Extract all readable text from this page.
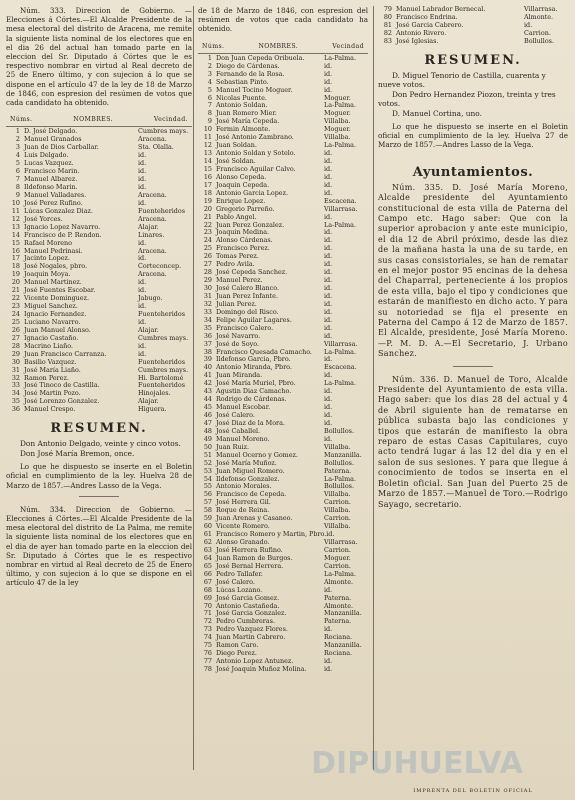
Núm. 333. Direccion de Gobierno. —Elecciones á Córtes.—El Alcalde Presidente de la mesa electoral del distrito de Aracena, me remite la siguiente lista nominal de los electores que en el dia 26 del actual han tomado parte en la eleccion del Sr. Diputado á Córtes que le es respectivo nombrar en virtud al Real decreto de 25 de Enero último, y con sujecion á lo que se dispone en el artículo 47 de la ley de 18 de Marzo de 1846, con espresion del resúmen de votos que cada candidato ha obtenido.

Núms.	NOMBRES.	Vecindad.
1 D. José Delgado.	Cumbres mays.
2 Manuel Granados	Aracena.
3 Juan de Dios Carballar.	Sta. Olalla.
4 Luis Delgado.	id.
5 Lucas Vazquez.	id.
6 Francisco Marin.	id.
7 Manuel Albarez.	id.
8 Ildefonso Marin.	id.
9 Manuel Valladares.	Aracena.
10 José Perez Rufino.	id.
11 Lúcas Gonzalez Diaz.	Fuenteheridos
12 José Yorces.	Aracena.
13 Ignacio Lopez Navarro.	Alajar.
14 Francisco de P. Rendon.	Linares.
15 Rafael Moreno	id.
16 Manuel Pedrinasi.	Aracena.
17 Jacinto Lopez.	id.
18 José Nogales, pbro.	Corteconcep.
19 Joaquin Moya.	Aracena.
20 Manuel Martinez.	id.
21 José Fuentes Escobar.	id.
22 Vicente Dominguez.	Jabugo.
23 Miguel Sanchez.	id.
24 Ignacio Fernandez.	Fuenteheridos
25 Luciano Navarro.	id.
26 Juan Manuel Alonso.	Alajar.
27 Ignacio Castaño.	Cumbres mays.
28 Macrino Liaño.	id.
29 Juan Francisco Carranza.	id.
30 Basilio Vazquez.	Fuenteheridos
31 José María Liaño.	Cumbres mays.
32 Ramon Perez.	Hi. Bartolomé
33 José Tinoco de Castilla.	Fuenteheridos
34 José Martin Pozo.	Hinojales.
35 José Lorenzo Gonzalez.	Alajar.
36 Manuel Crespo.	Higuera.
RESUMEN.
Don Antonio Delgado, veinte y cinco votos.
Don José María Bremon, once.

Lo que he dispuesto se inserte en el Boletin oficial en cumplimiento de la ley. Huelva 28 de Marzo de 1857.—Andres Lasso de la Vega.

Núm. 334. Direccion de Gobierno. —Elecciones á Córtes.—El Alcalde Presidente de la mesa electoral del distrito de La Palma, me remite la siguiente lista nominal de los electores que en el dia de ayer han tomado parte en la eleccion del Sr. Diputado á Córtes que le es respectivo nombrar en virtud al Real decreto de 25 de Enero último, y con sujecion á lo que se dispone en el artículo 47 de la ley

de 18 de Marzo de 1846, con espresion del resúmen de votos que cada candidato ha obtenido.

Núms.	NOMBRES.	Vecindad
1 Don Juan Cepeda Oribuela.	La-Palma.
2 Diego de Cárdenas.	id.
3 Fernando de la Rosa.	id.
4 Sebastian Pinto.	id.
5 Manuel Tocino Moguer.	id.
6 Nicolas Puente.	Moguer.
7 Antonio Soldan.	La-Palma.
8 Juan Romero Mier.	Moguer.
9 José María Cepeda.	Villalba.
10 Fermin Almonte.	Moguer.
11 José Antonio Zambrano.	Villalba.
12 Juan Soldan.	La-Palma.
13 Antonio Soldan y Sotelo.	id.
14 José Soldan.	id.
15 Francisco Aguilar Calvo.	id.
16 Alonso Cepeda.	id.
17 Joaquin Cepeda.	id.
18 Antonio Garcia Lopez.	id.
19 Enrique Lopez.	Escacena.
20 Gregorio Parreño.	Villarrasa.
21 Pablo Angel.	id.
22 Juan Perez Gonzalez.	La-Palma.
23 Joaquin Medina.	id.
24 Alonso Cárdenas.	id.
25 Francisco Perez.	id.
26 Tomas Perez.	id.
27 Pedro Avila.	id.
28 José Cepeda Sanchez.	id.
29 Manuel Perez.	id.
30 José Calero Blanco.	id.
31 Juan Perez Infante.	id.
32 Julian Perez.	id.
33 Domingo del Risco.	id.
34 Felipe Aguilar Lagares.	id.
35 Francisco Calero.	id.
36 José Navarro.	id.
37 José de Soyo.	Villarrasa.
38 Francisco Quesada Camacho.	La-Palma.
39 Ildefonso Garcia, Pbro.	id.
40 Antonio Miranda, Pbro.	Escacena.
41 Juan Miranda.	id.
42 José María Muriel, Pbro.	La-Palma.
43 Agustin Diaz Camacho.	id.
44 Rodrigo de Cárdenas.	id.
45 Manuel Escobar.	id.
46 José Calero.	id.
47 José Diaz de la Mora.	id.
48 José Caballel.	Bollullos.
49 Manuel Moreno.	id.
50 Juan Ruiz.	Villalba.
51 Manuel Ocerno y Gomez.	Manzanilla.
52 José María Muñoz.	Bollullos.
53 Juan Miguel Romero.	Paterna.
54 Ildefonso Gonzalez.	La-Palma.
55 Antonio Morales.	Bollullos.
56 Francisco de Cepeda.	Villalba.
57 José Herrera Gil.	Carrion.
58 Roque de Reina.	Villalba.
59 Juan Arenas y Casaneo.	Carrion.
60 Vicente Romero.	Villalba.
61 Francisco Romero y Martin, Pbro. id.
62 Alonso Granado.	Villarrasa.
63 José Herrera Rufino.	Carrion.
64 Juan Ramon de Burgos.	Moguer.
65 José Bernal Herrera.	Carrion.
66 Pedro Tallafer.	La-Palma.
67 José Calero.	Almonte.
68 Lúcas Lozano.	id.
69 José Garcia Gomez.	Paterna.
70 Antonio Castañeda.	Almonte.
71 José Garcia Gonzalez.	Manzanilla.
72 Pedro Cumbreras.	Paterna.
73 Pedro Vazquez Flores.	id.
74 Juan Martin Cabrero.	Rociana.
75 Ramon Caro.	Manzanilla.
76 Diego Perez.	Rociana.
77 Antonio Lopez Antunez.	id.
78 José Joaquin Muñoz Molina.	id.
79 Manuel Labrador Bernecal.	Villarrasa.
80 Francisco Endrina.	Almonte.
81 José Garcia Cabrero.	id.
82 Antonio Rivero.	Carrion.
83 José Iglesias.	Bollullos.
RESUMEN.
D. Miguel Tenorio de Castilla, cuarenta y nueve votos.
Don Pedro Hernandez Piozon, treinta y tres votos.
D. Manuel Cortina, uno.

Lo que he dispuesto se inserte en el Boletin oficial en cumplimiento de la ley. Huelva 27 de Marzo de 1857.—Andres Lasso de la Vega.

Ayuntamientos.

Núm. 335. D. José María Moreno, Alcalde presidente del Ayuntamiento constitucional de esta villa de Paterna del Campo etc. Hago saber: Que con la superior aprobacion y ante este municipio, el dia 12 de Abril próximo, desde las diez de la mañana hasta la una de su tarde, en sus casas consistoriales, se han de rematar en el mejor postor 95 encinas de la dehesa del Chaparral, perteneciente á los propios de esta villa, bajo el tipo y condiciones que estarán de manifiesto en dicho acto. Y para su notoriedad se fija el presente en Paterna del Campo á 12 de Marzo de 1857. El Alcalde, presidente, José María Moreno.—P. M. D. A.—El Secretario, J. Urbano Sanchez.

Núm. 336. D. Manuel de Toro, Alcalde Presidente del Ayuntamiento de esta villa. Hago saber: que los dias 28 del actual y 4 de Abril siguiente han de rematarse en pública subasta bajo las condiciones y tipos que estarán de manifiesto la obra reparo de estas Casas Capitulares, cuyo acto tendrá lugar á las 12 del dia y en el salon de sus sesiones. Y para que llegue á conocimiento de todos se inserta en el Boletin oficial. San Juan del Puerto 25 de Marzo de 1857.—Manuel de Toro.—Rodrigo Sayago, secretario.

IMPRENTA DEL BOLETIN OFICIAL
DIPUHUELVA
